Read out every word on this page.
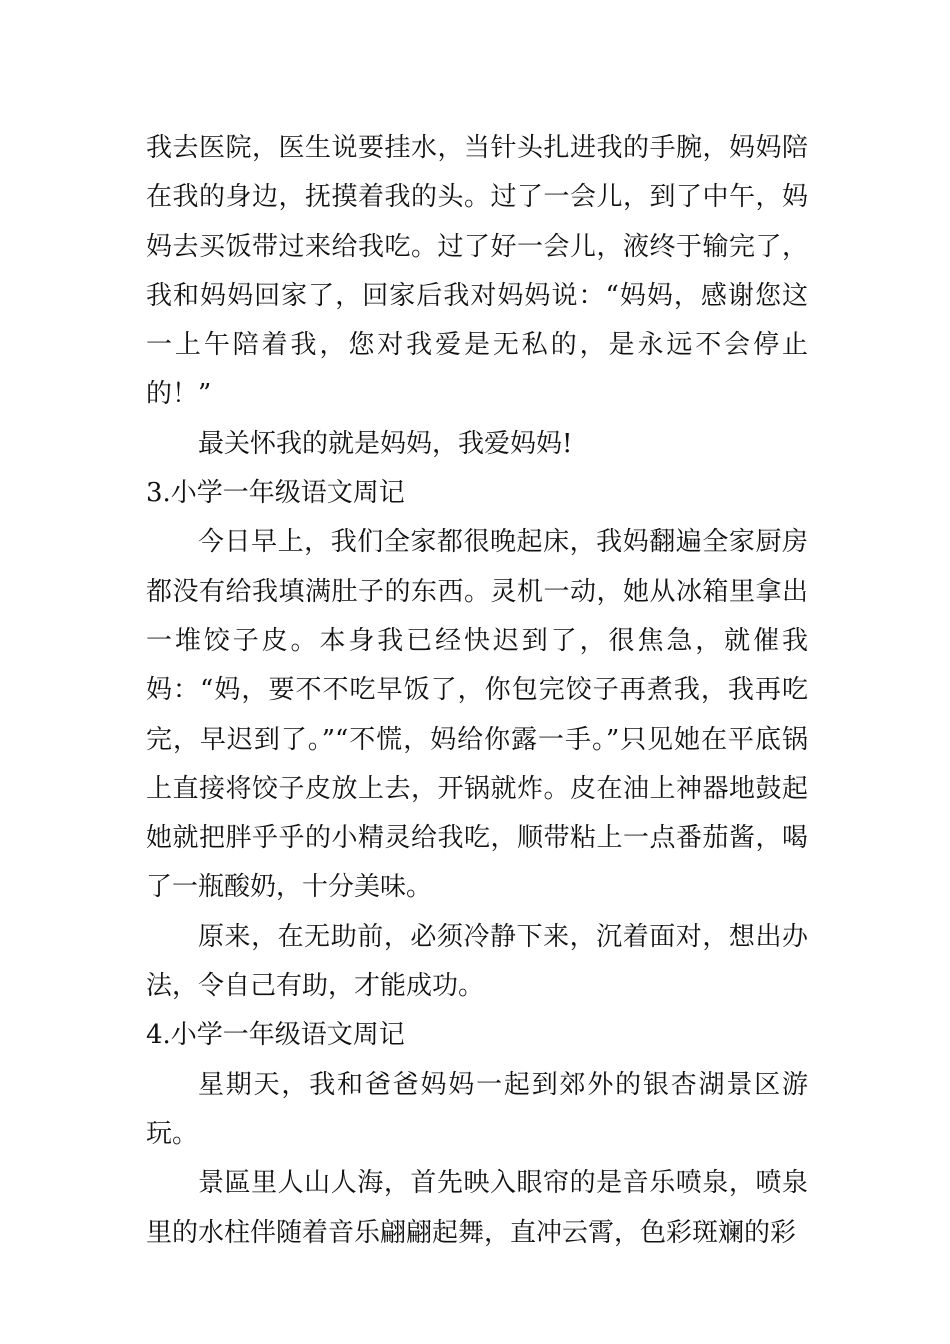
我去医院，医生说要挂水，当针头扎进我的手腕，妈妈陪在我的身边，抚摸着我的头。过了一会儿，到了中午，妈妈去买饭带过来给我吃。过了好一会儿，液终于输完了，我和妈妈回家了，回家后我对妈妈说：“妈妈，感谢您这一上午陪着我，您对我爱是无私的，是永远不会停止的！”

最关怀我的就是妈妈，我爱妈妈!

3.小学一年级语文周记

今日早上，我们全家都很晚起床，我妈翻遍全家厨房都没有给我填满肚子的东西。灵机一动，她从冰箱里拿出一堆饺子皮。本身我已经快迟到了，很焦急，就催我妈：“妈，要不不吃早饭了，你包完饺子再煮我，我再吃完，早迟到了。”“不慌，妈给你露一手。”只见她在平底锅上直接将饺子皮放上去，开锅就炸。皮在油上神器地鼓起她就把胖乎乎的小精灵给我吃，顺带粘上一点番茄酱，喝了一瓶酸奶，十分美味。

原来，在无助前，必须冷静下来，沉着面对，想出办法，令自己有助，才能成功。

4.小学一年级语文周记

星期天，我和爸爸妈妈一起到郊外的银杏湖景区游玩。

景區里人山人海，首先映入眼帘的是音乐喷泉，喷泉里的水柱伴随着音乐翩翩起舞，直冲云霄，色彩斑斓的彩
